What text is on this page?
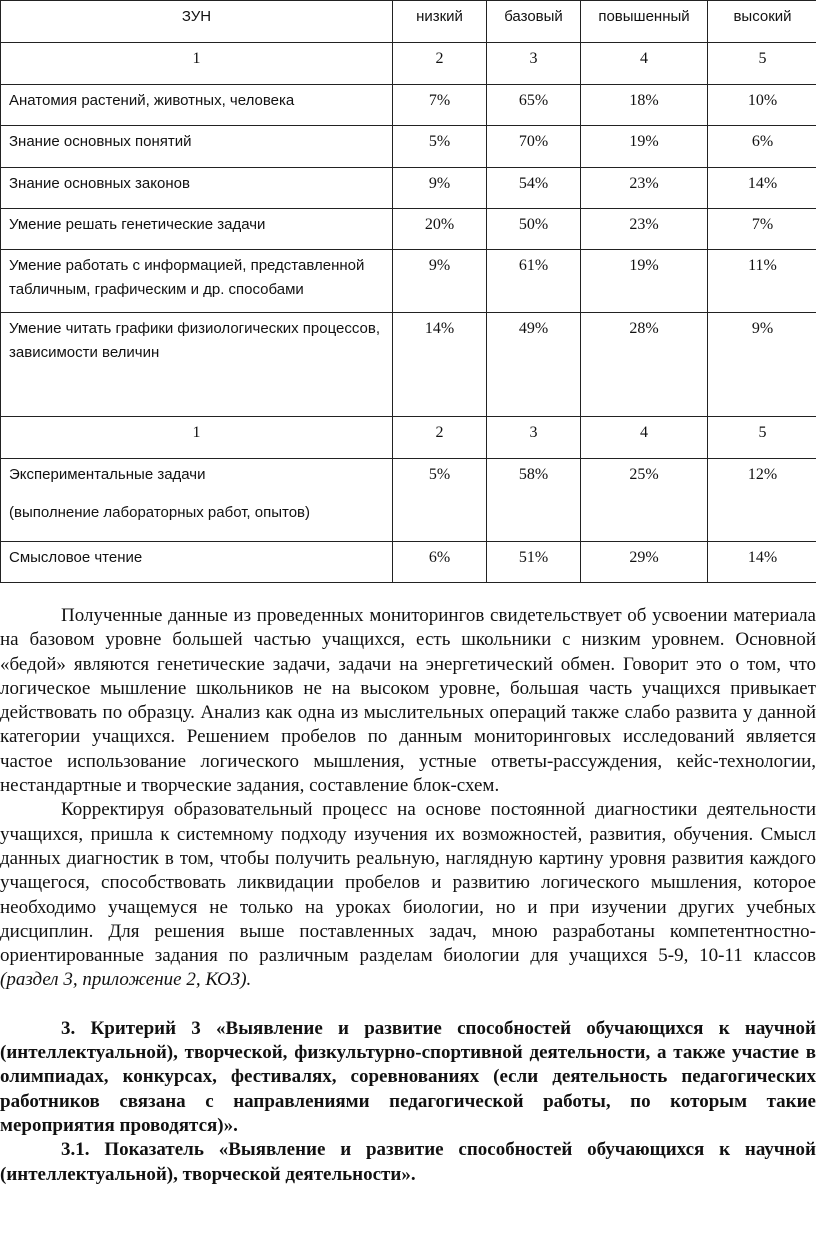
ЗУН	низкий	базовый	повышенный	высокий
1	2	3	4	5
Анатомия растений, животных, человека	7%	65%	18%	10%
Знание основных понятий	5%	70%	19%	6%
Знание основных законов	9%	54%	23%	14%
Умение решать генетические задачи	20%	50%	23%	7%
Умение работать с информацией, представленной табличным, графическим и др. способами	9%	61%	19%	11%
Умение читать графики физиологических процессов, зависимости величин	14%	49%	28%	9%
1	2	3	4	5

Экспериментальные задачи
(выполнение лабораторных работ, опытов)	5%	58%	25%	12%
Смысловое чтение	6%	51%	29%	14%

Полученные данные из проведенных мониторингов свидетельствует об усвоении материала на базовом уровне большей частью учащихся, есть школьники с низким уровнем. Основной «бедой» являются генетические задачи, задачи на энергетический обмен. Говорит это о том, что логическое мышление школьников не на высоком уровне, большая часть учащихся привыкает действовать по образцу. Анализ как одна из мыслительных операций также слабо развита у данной категории учащихся. Решением пробелов по данным мониторинговых исследований является частое использование логического мышления, устные ответы-рассуждения, кейс-технологии, нестандартные и творческие задания, составление блок-схем.

Корректируя образовательный процесс на основе постоянной диагностики деятельности учащихся, пришла к системному подходу изучения их возможностей, развития, обучения. Смысл данных диагностик в том, чтобы получить реальную, наглядную картину уровня развития каждого учащегося, способствовать ликвидации пробелов и развитию логического мышления, которое необходимо учащемуся не только на уроках биологии, но и при изучении других учебных дисциплин. Для решения выше поставленных задач, мною разработаны компетентностно-ориентированные задания по различным разделам биологии для учащихся 5-9, 10-11 классов (раздел 3, приложение 2, КОЗ).

3. Критерий 3 «Выявление и развитие способностей обучающихся к научной (интеллектуальной), творческой, физкультурно-спортивной деятельности, а также участие в олимпиадах, конкурсах, фестивалях, соревнованиях (если деятельность педагогических работников связана с направлениями педагогической работы, по которым такие мероприятия проводятся)».

3.1. Показатель «Выявление и развитие способностей обучающихся к научной (интеллектуальной), творческой деятельности».
